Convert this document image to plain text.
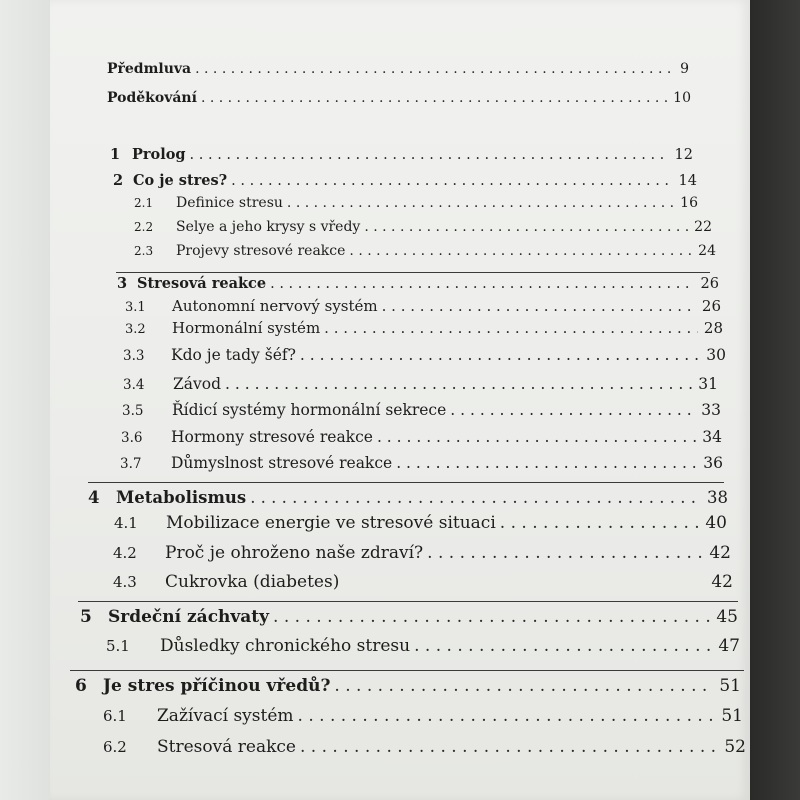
Předmluva . . .	9
Poděkování . . .	10
1 Prolog . . .	12
2 Co je stres? . . .	14
2.1	Definice stresu . . .	16
2.2	Selye a jeho krysy s vředy . . .	22
2.3	Projevy stresové reakce . . .	24
3 Stresová reakce . . .	26
3.1	Autonomní nervový systém . . .	26
3.2	Hormonální systém . . .	28
3.3	Kdo je tady šéf? . . .	30
3.4	Závod . . .	31
3.5	Řídicí systémy hormonální sekrece . . .	33
3.6	Hormony stresové reakce . . .	34
3.7	Důmyslnost stresové reakce . . .	36
4	Metabolismus . . .	38
4.1	Mobilizace energie ve stresové situaci . . .	40
4.2	Proč je ohroženo naše zdraví? . . .	42
4.3	Cukrovka (diabetes)	42
5 Srdeční záchvaty . . .	45
5.1	Důsledky chronického stresu . . .	47
6 Je stres příčinou vředů? . . .	51
6.1	Zažívací systém . . .	51
6.2	Stresová reakce . . .	52
